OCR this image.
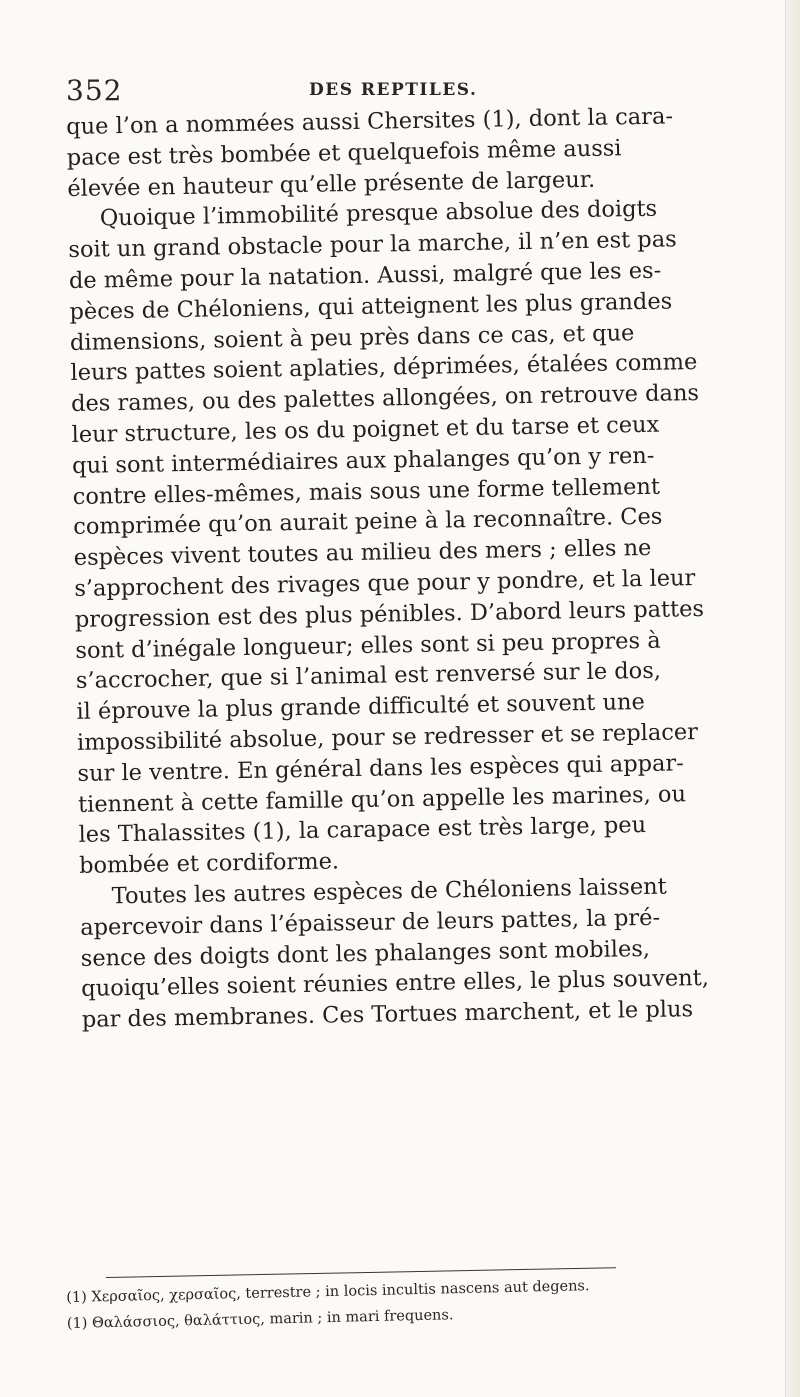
352	DES REPTILES.
que l’on a nommées aussi Chersites (1), dont la cara-
pace est très bombée et quelquefois même aussi
élevée en hauteur qu’elle présente de largeur.
Quoique l’immobilité presque absolue des doigts
soit un grand obstacle pour la marche, il n’en est pas
de même pour la natation. Aussi, malgré que les es-
pèces de Chéloniens, qui atteignent les plus grandes
dimensions, soient à peu près dans ce cas, et que
leurs pattes soient aplaties, déprimées, étalées comme
des rames, ou des palettes allongées, on retrouve dans
leur structure, les os du poignet et du tarse et ceux
qui sont intermédiaires aux phalanges qu’on y ren-
contre elles-mêmes, mais sous une forme tellement
comprimée qu’on aurait peine à la reconnaître. Ces
espèces vivent toutes au milieu des mers ; elles ne
s’approchent des rivages que pour y pondre, et la leur
progression est des plus pénibles. D’abord leurs pattes
sont d’inégale longueur; elles sont si peu propres à
s’accrocher, que si l’animal est renversé sur le dos,
il éprouve la plus grande difficulté et souvent une
impossibilité absolue, pour se redresser et se replacer
sur le ventre. En général dans les espèces qui appar-
tiennent à cette famille qu’on appelle les marines, ou
les Thalassites (1), la carapace est très large, peu
bombée et cordiforme.
Toutes les autres espèces de Chéloniens laissent
apercevoir dans l’épaisseur de leurs pattes, la pré-
sence des doigts dont les phalanges sont mobiles,
quoiqu’elles soient réunies entre elles, le plus souvent,
par des membranes. Ces Tortues marchent, et le plus
(1) Χερσαῖος, χερσαῖος, terrestre ; in locis incultis nascens aut degens.
(1) Θαλάσσιος, θαλάττιος, marin ; in mari frequens.
